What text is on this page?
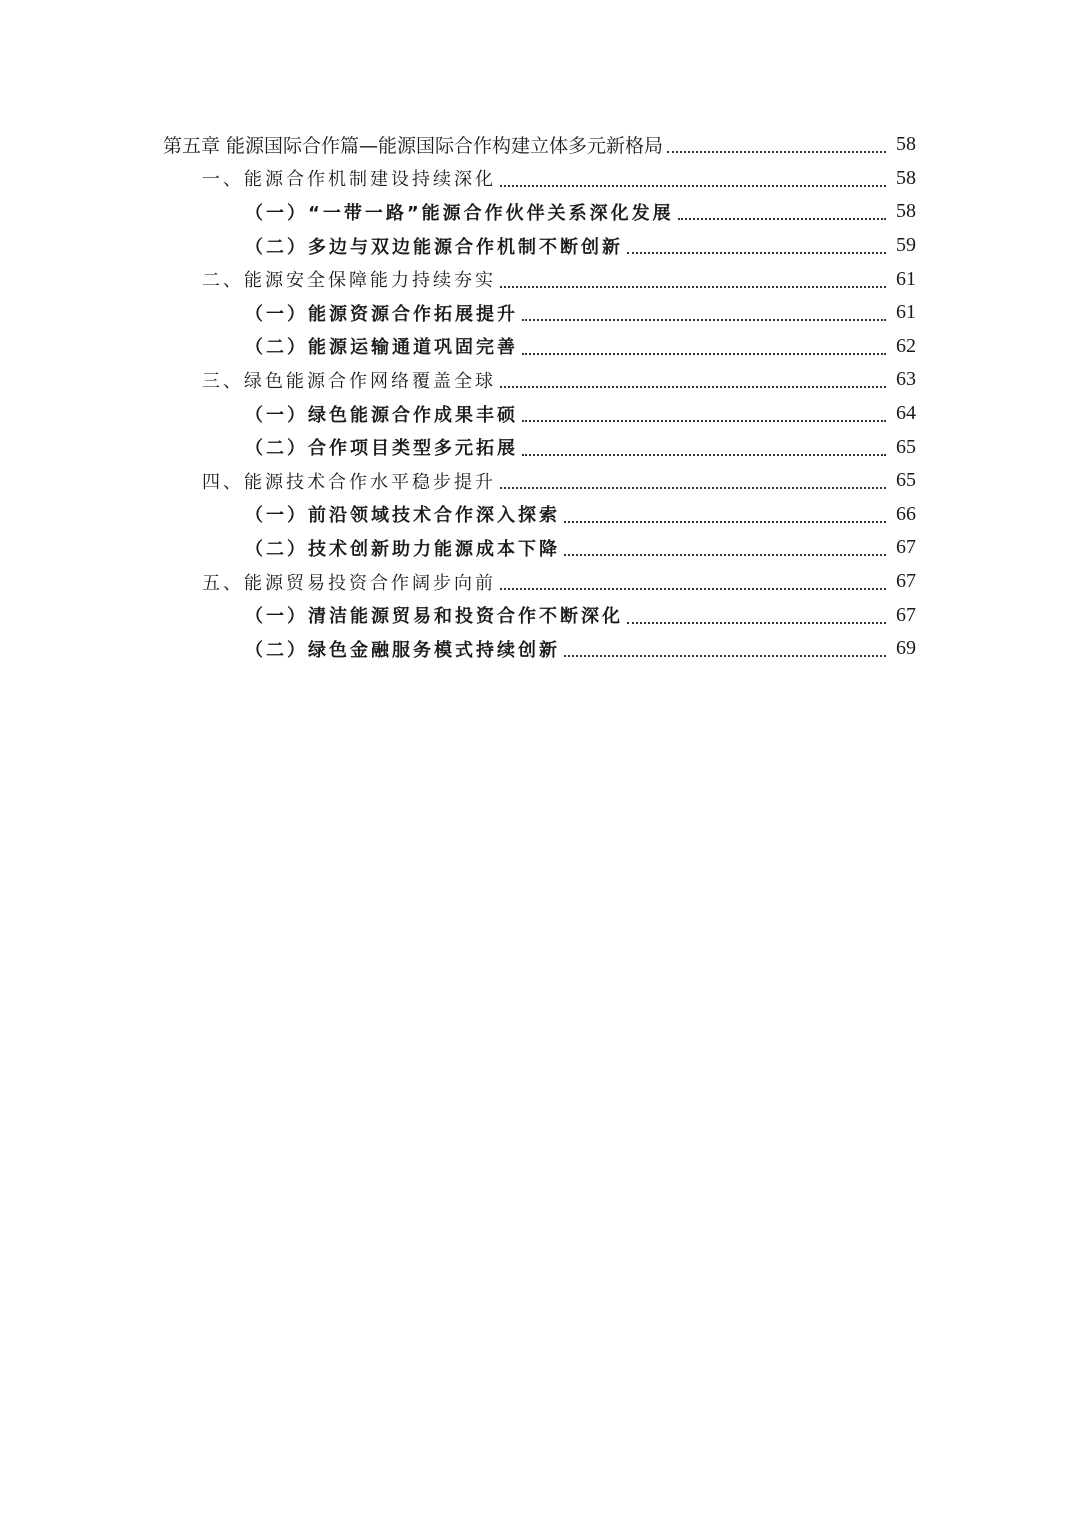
第五章 能源国际合作篇—能源国际合作构建立体多元新格局	58
一、能源合作机制建设持续深化	58
（一）“一带一路”能源合作伙伴关系深化发展	58
（二）多边与双边能源合作机制不断创新	59
二、能源安全保障能力持续夯实	61
（一）能源资源合作拓展提升	61
（二）能源运输通道巩固完善	62
三、绿色能源合作网络覆盖全球	63
（一）绿色能源合作成果丰硕	64
（二）合作项目类型多元拓展	65
四、能源技术合作水平稳步提升	65
（一）前沿领域技术合作深入探索	66
（二）技术创新助力能源成本下降	67
五、能源贸易投资合作阔步向前	67
（一）清洁能源贸易和投资合作不断深化	67
（二）绿色金融服务模式持续创新	69
